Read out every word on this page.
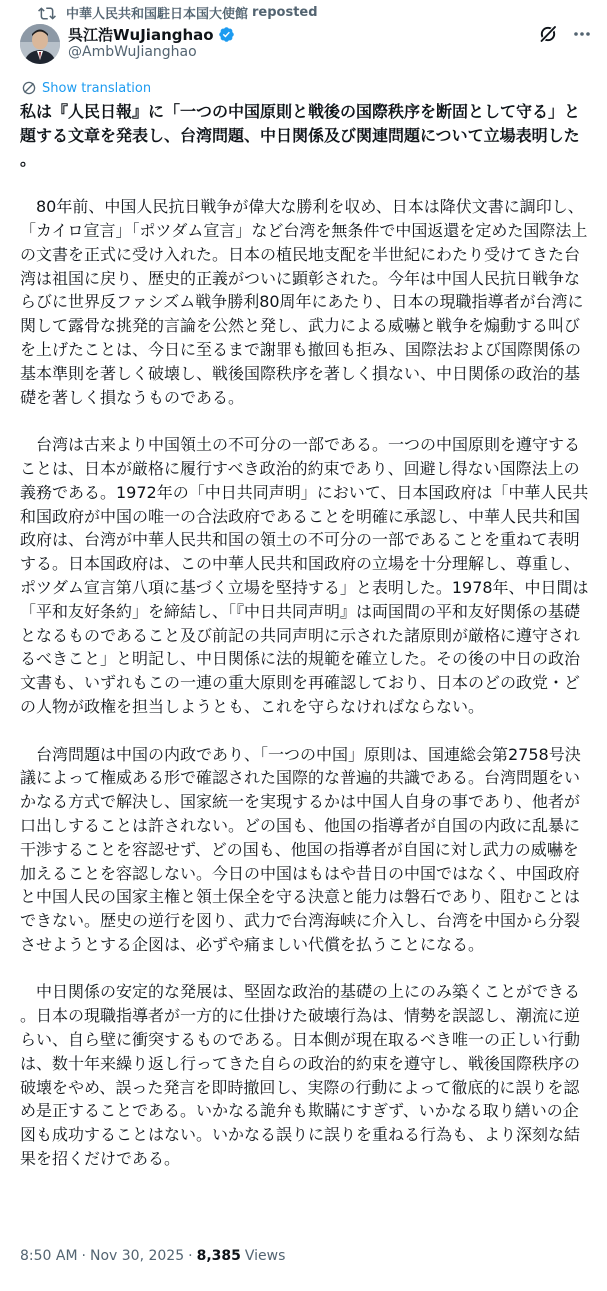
中華人民共和国駐日本国大使館 reposted
呉江浩WuJianghao
@AmbWuJianghao
Show translation

私は『人民日報』に「一つの中国原則と戦後の国際秩序を断固として守る」と題する文章を発表し、台湾問題、中日関係及び関連問題について立場表明した。

　80年前、中国人民抗日戦争が偉大な勝利を収め、日本は降伏文書に調印し、「カイロ宣言」「ポツダム宣言」など台湾を無条件で中国返還を定めた国際法上の文書を正式に受け入れた。日本の植民地支配を半世紀にわたり受けてきた台湾は祖国に戻り、歴史的正義がついに顕彰された。今年は中国人民抗日戦争ならびに世界反ファシズム戦争勝利80周年にあたり、日本の現職指導者が台湾に関して露骨な挑発的言論を公然と発し、武力による威嚇と戦争を煽動する叫びを上げたことは、今日に至るまで謝罪も撤回も拒み、国際法および国際関係の基本準則を著しく破壊し、戦後国際秩序を著しく損ない、中日関係の政治的基礎を著しく損なうものである。

　台湾は古来より中国領土の不可分の一部である。一つの中国原則を遵守することは、日本が厳格に履行すべき政治的約束であり、回避し得ない国際法上の義務である。1972年の「中日共同声明」において、日本国政府は「中華人民共和国政府が中国の唯一の合法政府であることを明確に承認し、中華人民共和国政府は、台湾が中華人民共和国の領土の不可分の一部であることを重ねて表明する。日本国政府は、この中華人民共和国政府の立場を十分理解し、尊重し、ポツダム宣言第八項に基づく立場を堅持する」と表明した。1978年、中日間は「平和友好条約」を締結し、「『中日共同声明』は両国間の平和友好関係の基礎となるものであること及び前記の共同声明に示された諸原則が厳格に遵守されるべきこと」と明記し、中日関係に法的規範を確立した。その後の中日の政治文書も、いずれもこの一連の重大原則を再確認しており、日本のどの政党・どの人物が政権を担当しようとも、これを守らなければならない。

　台湾問題は中国の内政であり、「一つの中国」原則は、国連総会第2758号決議によって権威ある形で確認された国際的な普遍的共識である。台湾問題をいかなる方式で解決し、国家統一を実現するかは中国人自身の事であり、他者が口出しすることは許されない。どの国も、他国の指導者が自国の内政に乱暴に干渉することを容認せず、どの国も、他国の指導者が自国に対し武力の威嚇を加えることを容認しない。今日の中国はもはや昔日の中国ではなく、中国政府と中国人民の国家主権と領土保全を守る決意と能力は磐石であり、阻むことはできない。歴史の逆行を図り、武力で台湾海峡に介入し、台湾を中国から分裂させようとする企図は、必ずや痛ましい代償を払うことになる。

　中日関係の安定的な発展は、堅固な政治的基礎の上にのみ築くことができる。日本の現職指導者が一方的に仕掛けた破壊行為は、情勢を誤認し、潮流に逆らい、自ら壁に衝突するものである。日本側が現在取るべき唯一の正しい行動は、数十年来繰り返し行ってきた自らの政治的約束を遵守し、戦後国際秩序の破壊をやめ、誤った発言を即時撤回し、実際の行動によって徹底的に誤りを認め是正することである。いかなる詭弁も欺瞞にすぎず、いかなる取り繕いの企図も成功することはない。いかなる誤りに誤りを重ねる行為も、より深刻な結果を招くだけである。

8:50 AM · Nov 30, 2025 · 8,385 Views
